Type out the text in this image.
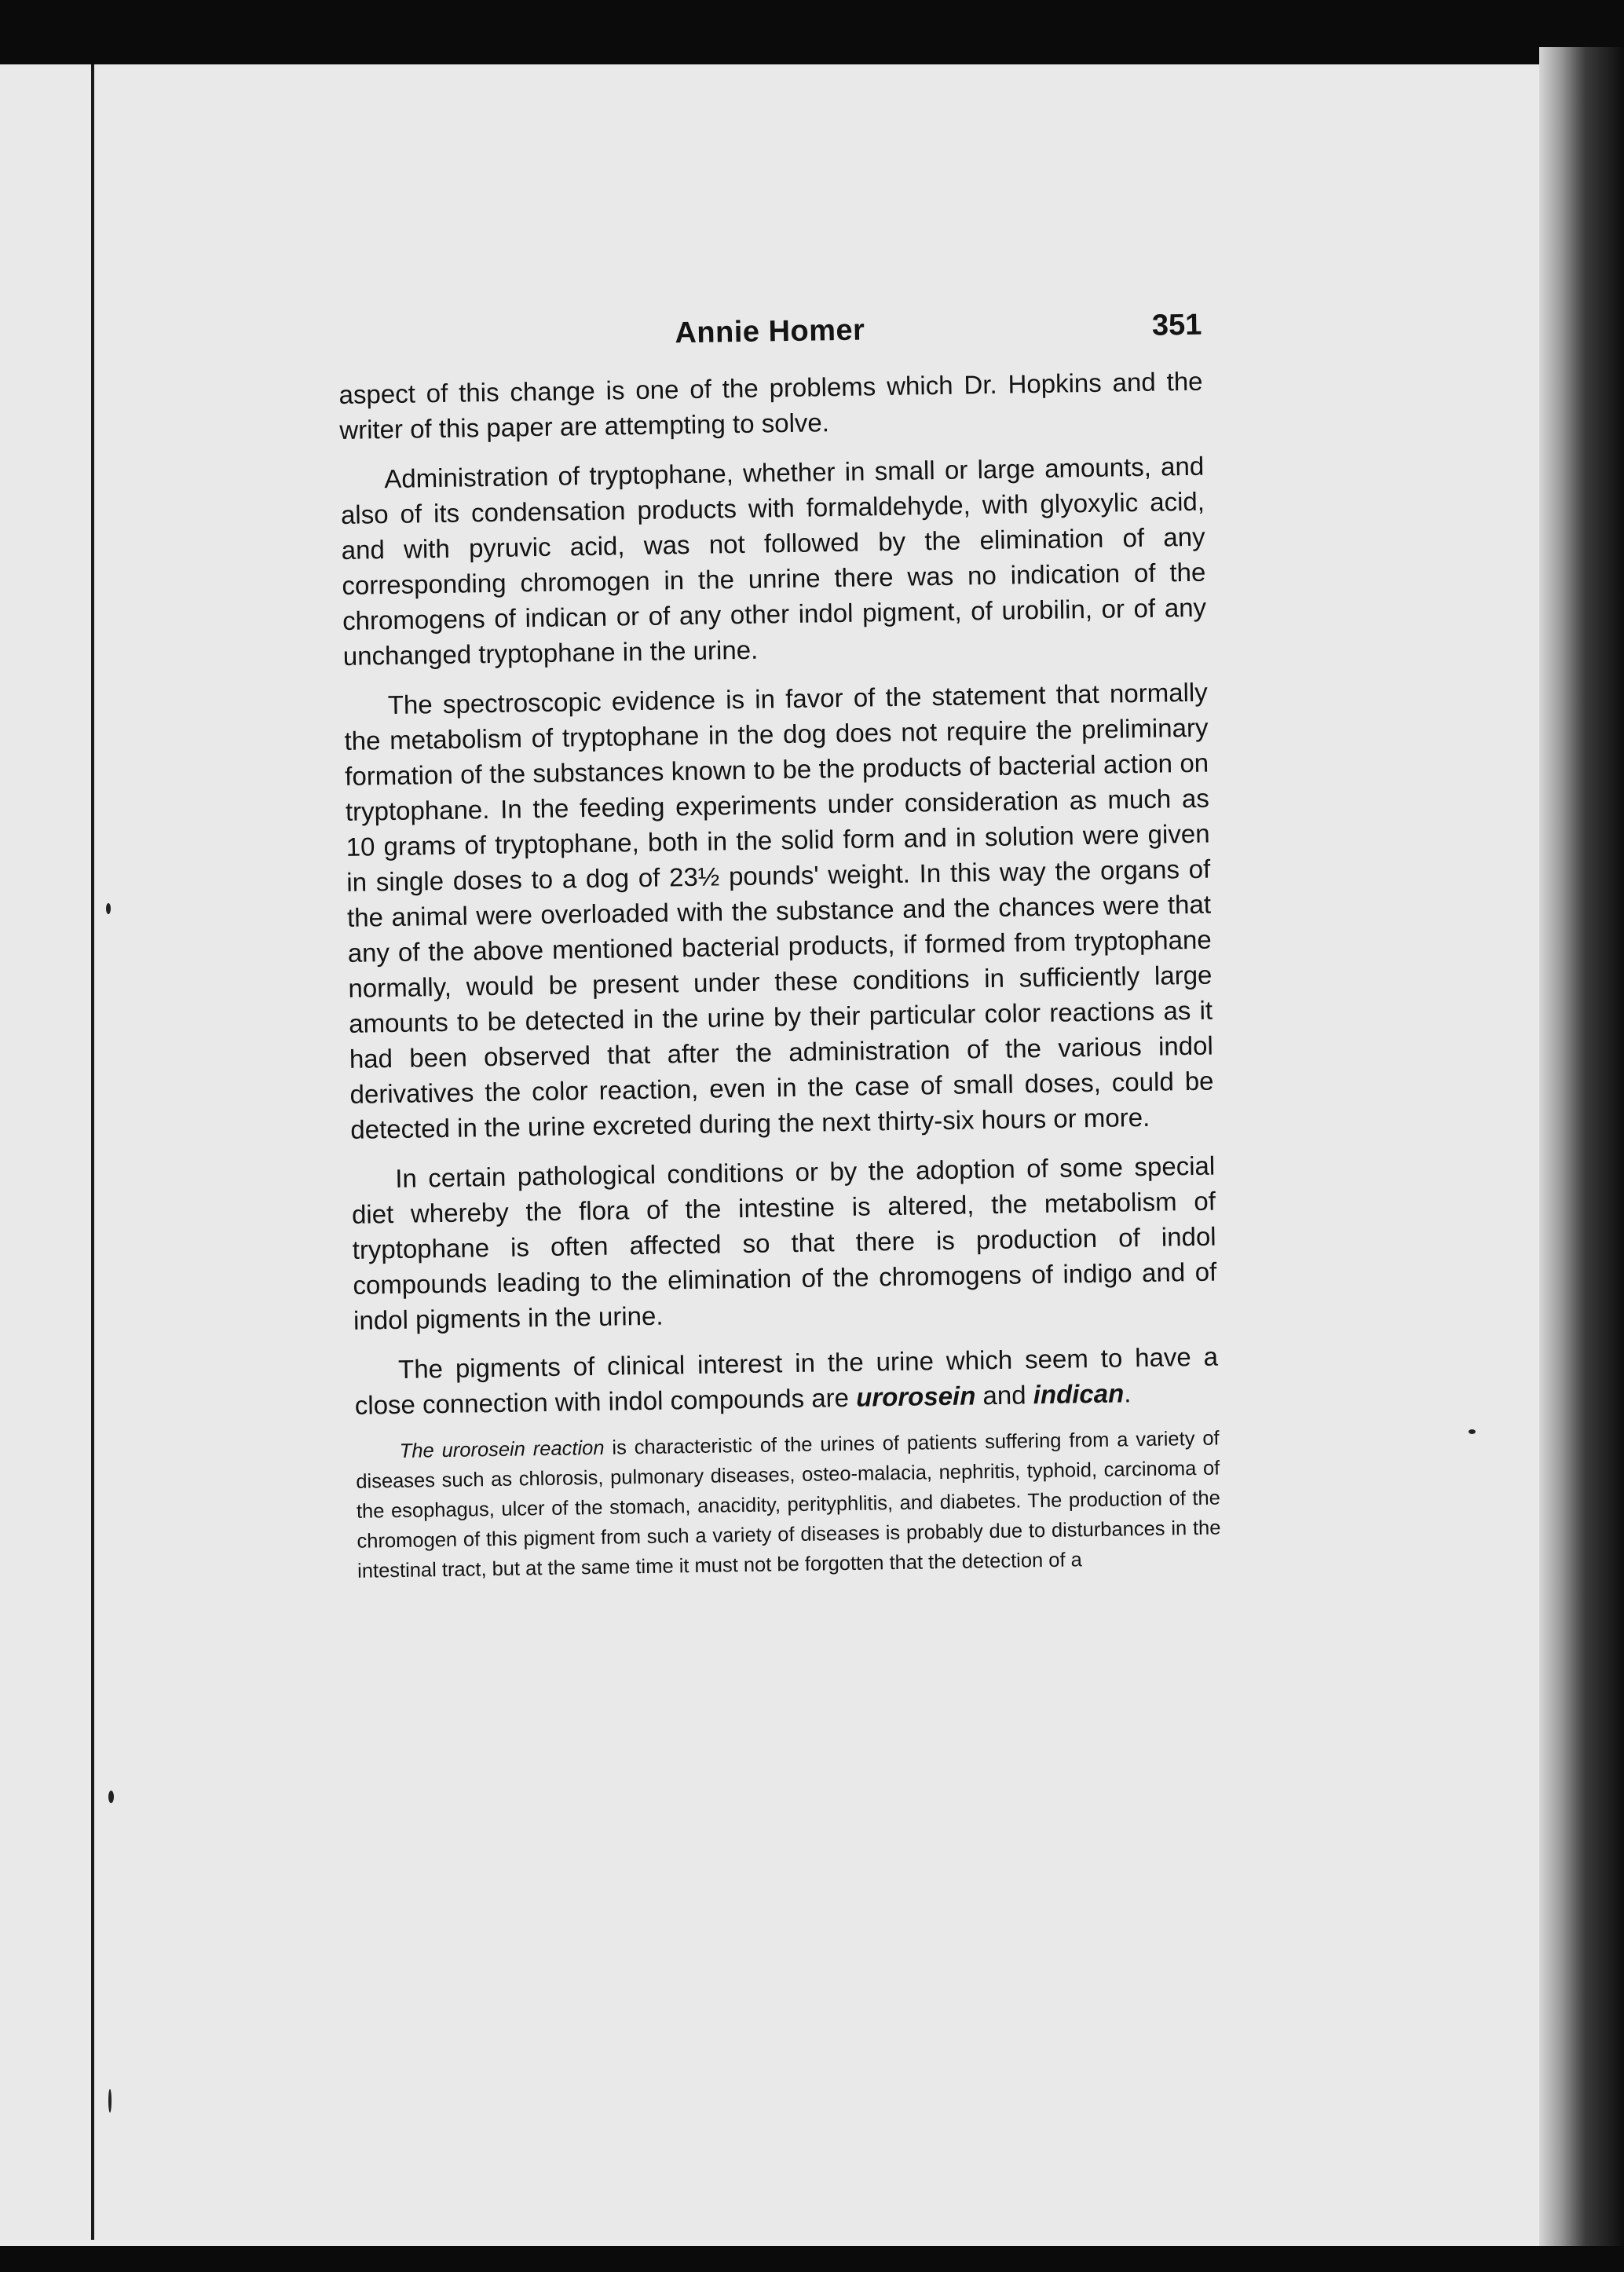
Annie Homer	351

aspect of this change is one of the problems which Dr. Hopkins and the writer of this paper are attempting to solve.

Administration of tryptophane, whether in small or large amounts, and also of its condensation products with formaldehyde, with glyoxylic acid, and with pyruvic acid, was not followed by the elimination of any corresponding chromogen in the unrine there was no indication of the chromogens of indican or of any other indol pigment, of urobilin, or of any unchanged tryptophane in the urine.

The spectroscopic evidence is in favor of the statement that normally the metabolism of tryptophane in the dog does not require the preliminary formation of the substances known to be the products of bacterial action on tryptophane. In the feeding experiments under consideration as much as 10 grams of tryptophane, both in the solid form and in solution were given in single doses to a dog of 23½ pounds' weight. In this way the organs of the animal were overloaded with the substance and the chances were that any of the above mentioned bacterial products, if formed from tryptophane normally, would be present under these conditions in sufficiently large amounts to be detected in the urine by their particular color reactions as it had been observed that after the administration of the various indol derivatives the color reaction, even in the case of small doses, could be detected in the urine excreted during the next thirty-six hours or more.

In certain pathological conditions or by the adoption of some special diet whereby the flora of the intestine is altered, the metabolism of tryptophane is often affected so that there is production of indol compounds leading to the elimination of the chromogens of indigo and of indol pigments in the urine.

The pigments of clinical interest in the urine which seem to have a close connection with indol compounds are urorosein and indican.

The urorosein reaction is characteristic of the urines of patients suffering from a variety of diseases such as chlorosis, pulmonary diseases, osteo-malacia, nephritis, typhoid, carcinoma of the esophagus, ulcer of the stomach, anacidity, perityphlitis, and diabetes. The production of the chromogen of this pigment from such a variety of diseases is probably due to disturbances in the intestinal tract, but at the same time it must not be forgotten that the detection of a
